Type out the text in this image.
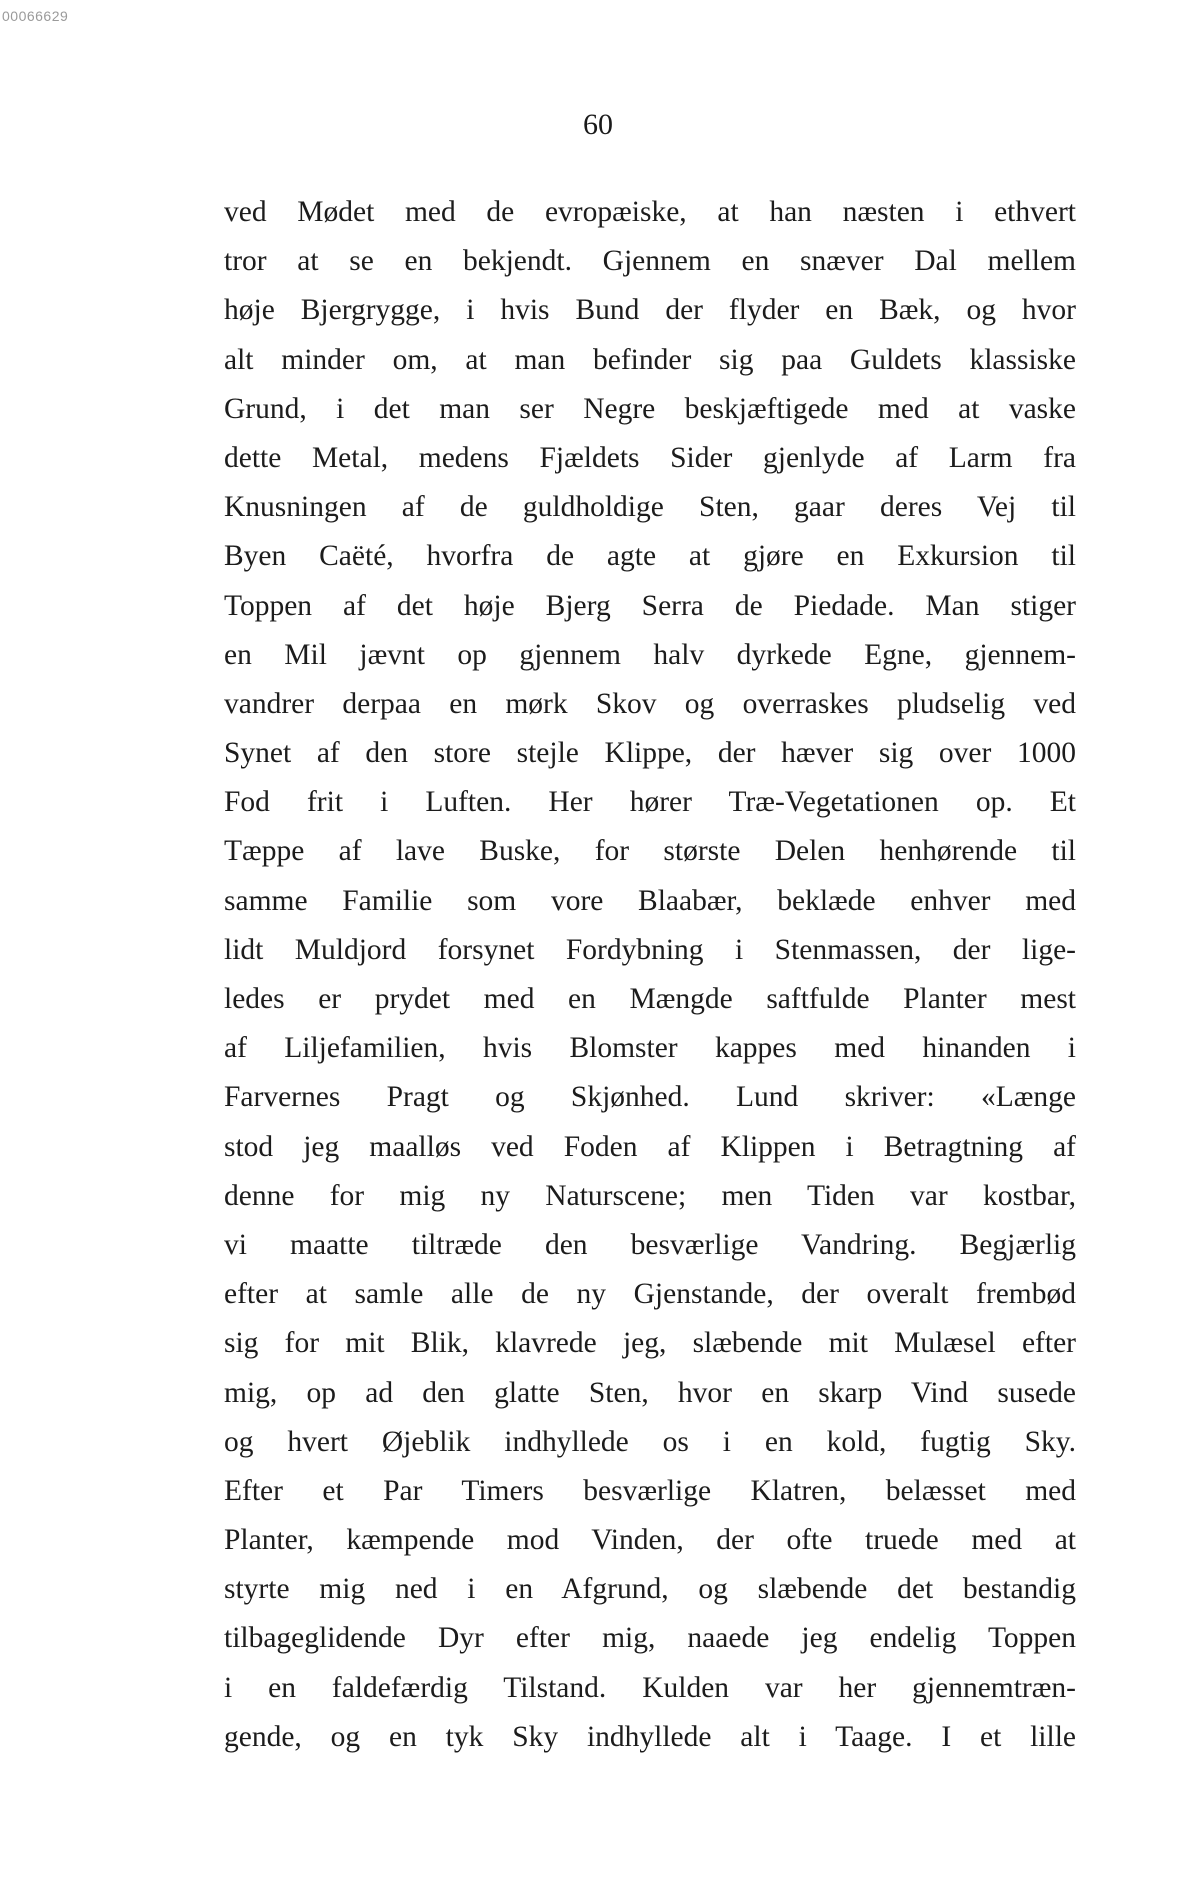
00066629
60
ved Mødet med de evropæiske, at han næsten i ethvert
tror at se en bekjendt. Gjennem en snæver Dal mellem
høje Bjergrygge, i hvis Bund der flyder en Bæk, og hvor
alt minder om, at man befinder sig paa Guldets klassiske
Grund, i det man ser Negre beskjæftigede med at vaske
dette Metal, medens Fjældets Sider gjenlyde af Larm fra
Knusningen af de guldholdige Sten, gaar deres Vej til
Byen Caëté, hvorfra de agte at gjøre en Exkursion til
Toppen af det høje Bjerg Serra de Piedade. Man stiger
en Mil jævnt op gjennem halv dyrkede Egne, gjennem-
vandrer derpaa en mørk Skov og overraskes pludselig ved
Synet af den store stejle Klippe, der hæver sig over 1000
Fod frit i Luften. Her hører Træ-Vegetationen op. Et
Tæppe af lave Buske, for største Delen henhørende til
samme Familie som vore Blaabær, beklæde enhver med
lidt Muldjord forsynet Fordybning i Stenmassen, der lige-
ledes er prydet med en Mængde saftfulde Planter mest
af Liljefamilien, hvis Blomster kappes med hinanden i
Farvernes Pragt og Skjønhed. Lund skriver: «Længe
stod jeg maalløs ved Foden af Klippen i Betragtning af
denne for mig ny Naturscene; men Tiden var kostbar,
vi maatte tiltræde den besværlige Vandring. Begjærlig
efter at samle alle de ny Gjenstande, der overalt frembød
sig for mit Blik, klavrede jeg, slæbende mit Mulæsel efter
mig, op ad den glatte Sten, hvor en skarp Vind susede
og hvert Øjeblik indhyllede os i en kold, fugtig Sky.
Efter et Par Timers besværlige Klatren, belæsset med
Planter, kæmpende mod Vinden, der ofte truede med at
styrte mig ned i en Afgrund, og slæbende det bestandig
tilbageglidende Dyr efter mig, naaede jeg endelig Toppen
i en faldefærdig Tilstand. Kulden var her gjennemtræn-
gende, og en tyk Sky indhyllede alt i Taage. I et lille
